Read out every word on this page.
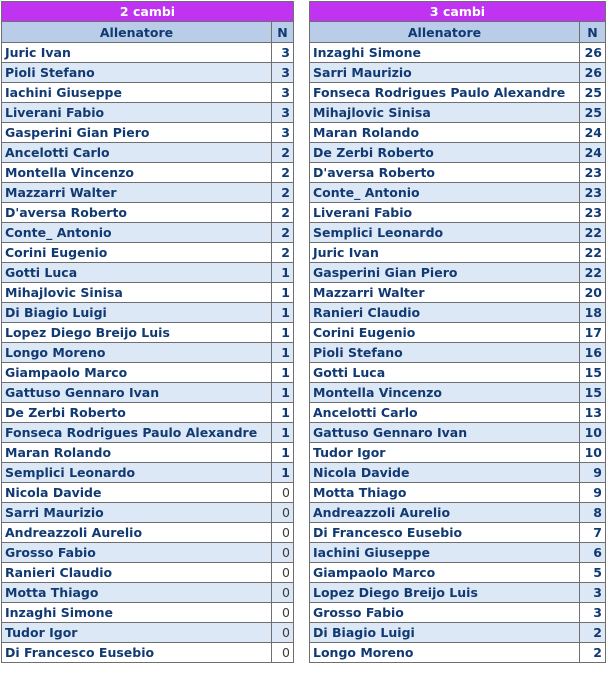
2 cambi	
Allenatore	N
Juric Ivan	3
Pioli Stefano	3
Iachini Giuseppe	3
Liverani Fabio	3
Gasperini Gian Piero	3
Ancelotti Carlo	2
Montella Vincenzo	2
Mazzarri Walter	2
D'aversa Roberto	2
Conte_ Antonio	2
Corini Eugenio	2
Gotti Luca	1
Mihajlovic Sinisa	1
Di Biagio Luigi	1
Lopez Diego Breijo Luis	1
Longo Moreno	1
Giampaolo Marco	1
Gattuso Gennaro Ivan	1
De Zerbi Roberto	1
Fonseca Rodrigues Paulo Alexandre	1
Maran Rolando	1
Semplici Leonardo	1
Nicola Davide	0
Sarri Maurizio	0
Andreazzoli Aurelio	0
Grosso Fabio	0
Ranieri Claudio	0
Motta Thiago	0
Inzaghi Simone	0
Tudor Igor	0
Di Francesco Eusebio	0
3 cambi	
Allenatore	N
Inzaghi Simone	26
Sarri Maurizio	26
Fonseca Rodrigues Paulo Alexandre	25
Mihajlovic Sinisa	25
Maran Rolando	24
De Zerbi Roberto	24
D'aversa Roberto	23
Conte_ Antonio	23
Liverani Fabio	23
Semplici Leonardo	22
Juric Ivan	22
Gasperini Gian Piero	22
Mazzarri Walter	20
Ranieri Claudio	18
Corini Eugenio	17
Pioli Stefano	16
Gotti Luca	15
Montella Vincenzo	15
Ancelotti Carlo	13
Gattuso Gennaro Ivan	10
Tudor Igor	10
Nicola Davide	9
Motta Thiago	9
Andreazzoli Aurelio	8
Di Francesco Eusebio	7
Iachini Giuseppe	6
Giampaolo Marco	5
Lopez Diego Breijo Luis	3
Grosso Fabio	3
Di Biagio Luigi	2
Longo Moreno	2
